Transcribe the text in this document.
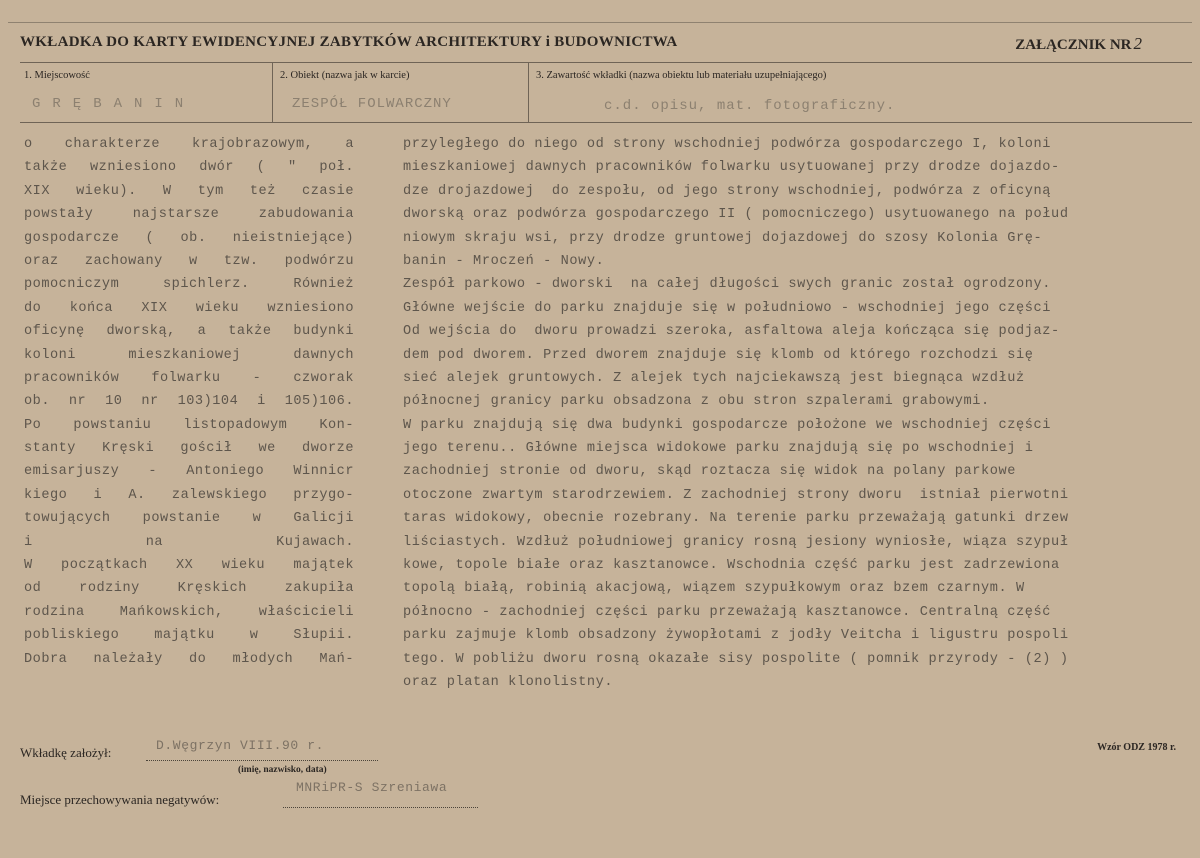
WKŁADKA DO KARTY EWIDENCYJNEJ ZABYTKÓW ARCHITEKTURY i BUDOWNICTWA	ZAŁĄCZNIK NR 2
1. Miejscowość
GRĘBANIN
2. Obiekt (nazwa jak w karcie)
ZESPÓŁ FOLWARCZNY
3. Zawartość wkładki (nazwa obiektu lub materiału uzupełniającego)
c.d. opisu, mat. fotograficzny.
o charakterze krajobrazowym, a
także wzniesiono dwór ( " poł.
XIX wieku). W tym też czasie
powstały najstarsze zabudowania
gospodarcze ( ob. nieistniejące)
oraz zachowany w tzw. podwórzu
pomocniczym spichlerz. Również
do końca XIX wieku wzniesiono
oficynę dworską, a także budynki
koloni mieszkaniowej dawnych
pracowników folwarku - czworak
ob. nr 10 nr 103)104 i 105)106.
Po powstaniu listopadowym Kon-
stanty Kręski gościł we dworze
emisarjuszy - Antoniego Winnicr
kiego i A. zalewskiego przygo-
towujących powstanie w Galicji
i na Kujawach.
W początkach XX wieku majątek
od rodziny Kręskich zakupiła
rodzina Mańkowskich, właścicieli
pobliskiego majątku w Słupii.
Dobra należały do młodych Mań-
przyległego do niego od strony wschodniej podwórza gospodarczego I, koloni
mieszkaniowej dawnych pracowników folwarku usytuowanej przy drodze dojazdo-
dze drojazdowej  do zespołu, od jego strony wschodniej, podwórza z oficyną
dworską oraz podwórza gospodarczego II ( pomocniczego) usytuowanego na połud
niowym skraju wsi, przy drodze gruntowej dojazdowej do szosy Kolonia Grę-
banin - Mroczeń - Nowy.
Zespół parkowo - dworski  na całej długości swych granic został ogrodzony.
Główne wejście do parku znajduje się w południowo - wschodniej jego części
Od wejścia do  dworu prowadzi szeroka, asfaltowa aleja kończąca się podjaz-
dem pod dworem. Przed dworem znajduje się klomb od którego rozchodzi się
sieć alejek gruntowych. Z alejek tych najciekawszą jest biegnąca wzdłuż
północnej granicy parku obsadzona z obu stron szpalerami grabowymi.
W parku znajdują się dwa budynki gospodarcze położone we wschodniej części
jego terenu.. Główne miejsca widokowe parku znajdują się po wschodniej i
zachodniej stronie od dworu, skąd roztacza się widok na polany parkowe
otoczone zwartym starodrzewiem. Z zachodniej strony dworu  istniał pierwotni
taras widokowy, obecnie rozebrany. Na terenie parku przeważają gatunki drzew
liściastych. Wzdłuż południowej granicy rosną jesiony wyniosłe, wiąza szypuł
kowe, topole białe oraz kasztanowce. Wschodnia część parku jest zadrzewiona
topolą białą, robinią akacjową, wiązem szypułkowym oraz bzem czarnym. W
północno - zachodniej części parku przeważają kasztanowce. Centralną część
parku zajmuje klomb obsadzony żywopłotami z jodły Veitcha i ligustru pospoli
tego. W pobliżu dworu rosną okazałe sisy pospolite ( pomnik przyrody - (2) )
oraz platan klonolistny.
Wkładkę założył:	D.Węgrzyn VIII.90 r.
(imię, nazwisko, data)
Miejsce przechowywania negatywów:
MNRiPR-S Szreniawa
Wzór ODZ 1978 r.
